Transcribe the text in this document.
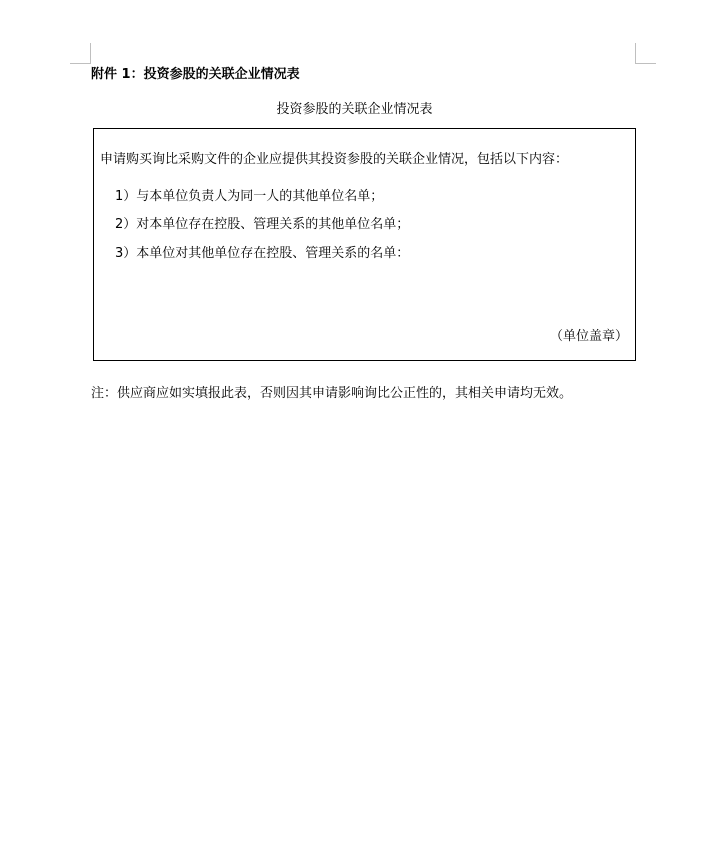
附件 1：投资参股的关联企业情况表
投资参股的关联企业情况表
申请购买询比采购文件的企业应提供其投资参股的关联企业情况，包括以下内容：
1）与本单位负责人为同一人的其他单位名单；
2）对本单位存在控股、管理关系的其他单位名单；
3）本单位对其他单位存在控股、管理关系的名单：
（单位盖章）
注：供应商应如实填报此表，否则因其申请影响询比公正性的，其相关申请均无效。
